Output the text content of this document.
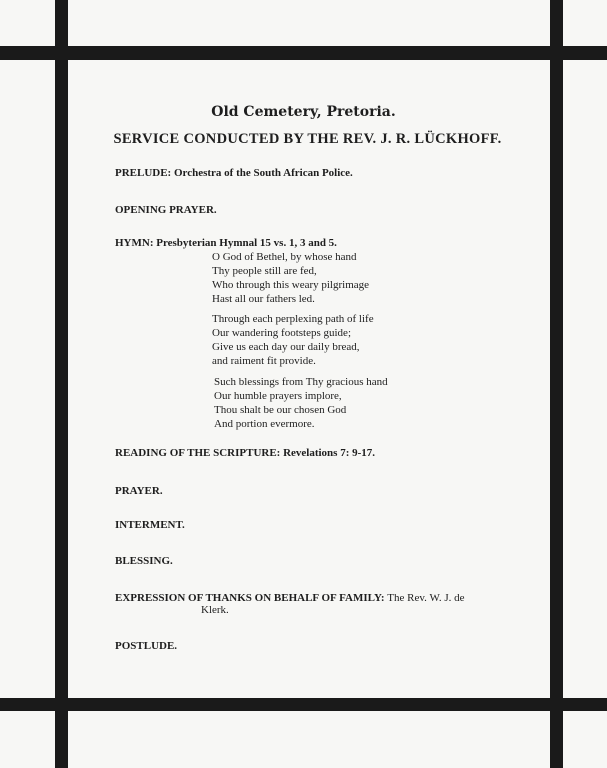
Old Cemetery, Pretoria.
SERVICE CONDUCTED BY THE REV. J. R. LÜCKHOFF.
PRELUDE: Orchestra of the South African Police.
OPENING PRAYER.
HYMN: Presbyterian Hymnal 15 vs. 1, 3 and 5.
O God of Bethel, by whose hand
Thy people still are fed,
Who through this weary pilgrimage
Hast all our fathers led.
Through each perplexing path of life
Our wandering footsteps guide;
Give us each day our daily bread,
and raiment fit provide.
Such blessings from Thy gracious hand
Our humble prayers implore,
Thou shalt be our chosen God
And portion evermore.
READING OF THE SCRIPTURE: Revelations 7: 9-17.
PRAYER.
INTERMENT.
BLESSING.
EXPRESSION OF THANKS ON BEHALF OF FAMILY: The Rev. W. J. de
Klerk.
POSTLUDE.
